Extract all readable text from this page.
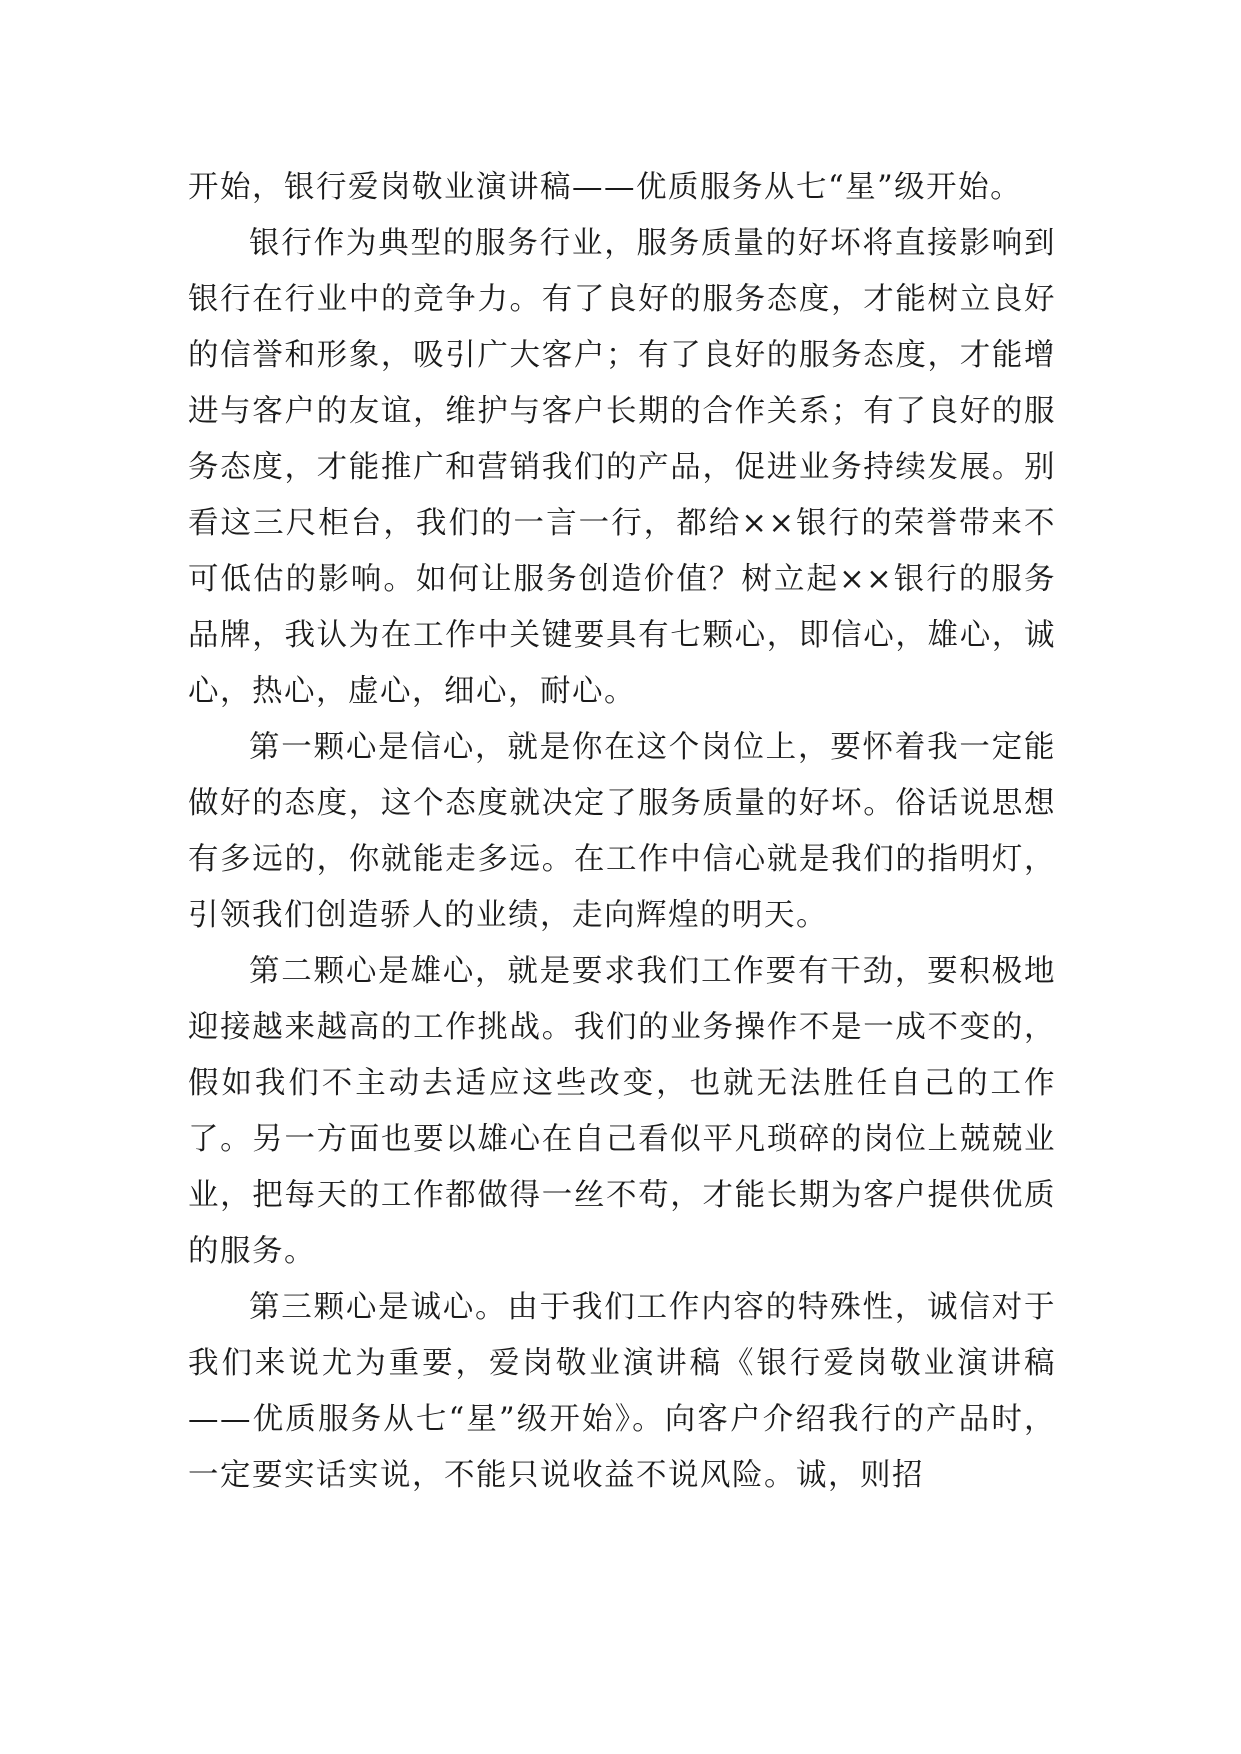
开始，银行爱岗敬业演讲稿——优质服务从七“星”级开始。

银行作为典型的服务行业，服务质量的好坏将直接影响到银行在行业中的竞争力。有了良好的服务态度，才能树立良好的信誉和形象，吸引广大客户；有了良好的服务态度，才能增进与客户的友谊，维护与客户长期的合作关系；有了良好的服务态度，才能推广和营销我们的产品，促进业务持续发展。别看这三尺柜台，我们的一言一行，都给××银行的荣誉带来不可低估的影响。如何让服务创造价值？树立起××银行的服务品牌，我认为在工作中关键要具有七颗心，即信心，雄心，诚心，热心，虚心，细心，耐心。

第一颗心是信心，就是你在这个岗位上，要怀着我一定能做好的态度，这个态度就决定了服务质量的好坏。俗话说思想有多远的，你就能走多远。在工作中信心就是我们的指明灯，引领我们创造骄人的业绩，走向辉煌的明天。

第二颗心是雄心，就是要求我们工作要有干劲，要积极地迎接越来越高的工作挑战。我们的业务操作不是一成不变的，假如我们不主动去适应这些改变，也就无法胜任自己的工作了。另一方面也要以雄心在自己看似平凡琐碎的岗位上兢兢业业，把每天的工作都做得一丝不苟，才能长期为客户提供优质的服务。

第三颗心是诚心。由于我们工作内容的特殊性，诚信对于我们来说尤为重要，爱岗敬业演讲稿《银行爱岗敬业演讲稿——优质服务从七“星”级开始》。向客户介绍我行的产品时，一定要实话实说，不能只说收益不说风险。诚，则招
